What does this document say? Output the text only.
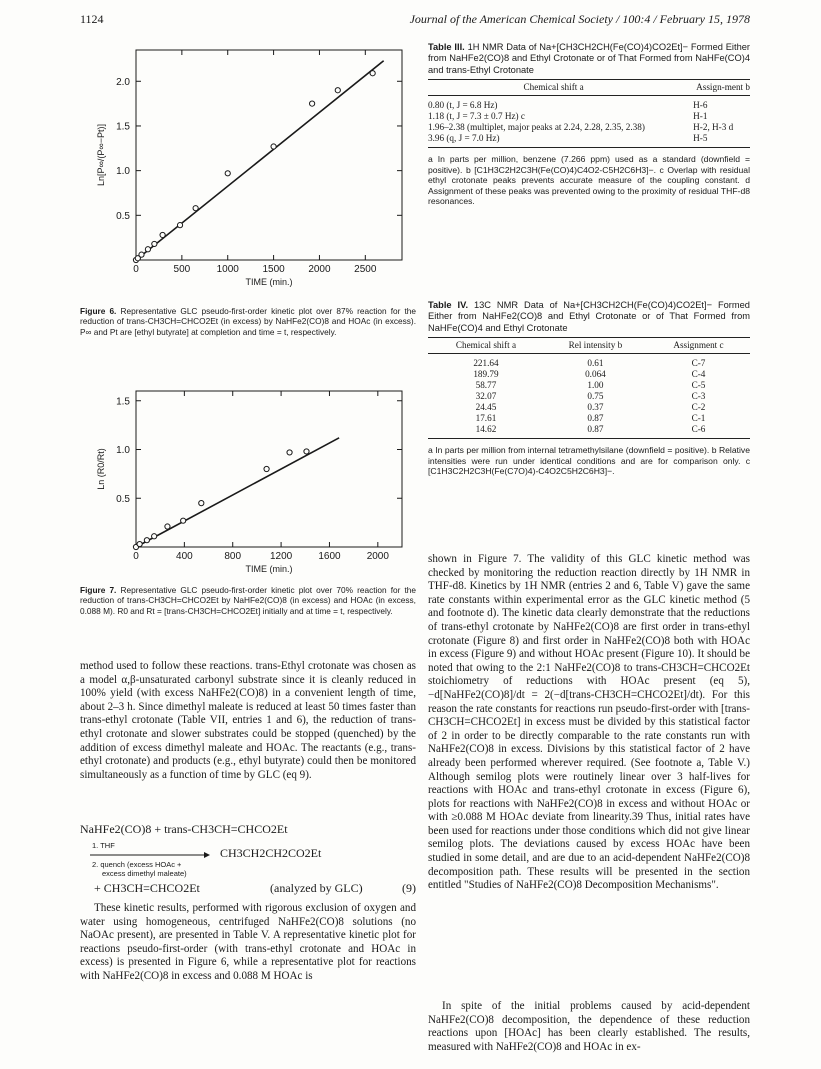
1124	Journal of the American Chemical Society / 100:4 / February 15, 1978
0	500	1000 1500 2000 2500
0.5
1.0
1.5
2.0
TIME (min.)
Ln[P∞/(P∞−Pt)]
Figure 6. Representative GLC pseudo-first-order kinetic plot over 87% reaction for the reduction of trans-CH3CH=CHCO2Et (in excess) by NaHFe2(CO)8 and HOAc (in excess). P∞ and Pt are [ethyl butyrate] at completion and time = t, respectively.
0	400	800	1200	1600	2000
0.5
1.0
1.5
TIME (min.)
Ln (R0/Rt)
Figure 7. Representative GLC pseudo-first-order kinetic plot over 70% reaction for the reduction of trans-CH3CH=CHCO2Et by NaHFe2(CO)8 (in excess) and HOAc (in excess, 0.088 M). R0 and Rt = [trans-CH3CH=CHCO2Et] initially and at time = t, respectively.

method used to follow these reactions. trans-Ethyl crotonate was chosen as a model α,β-unsaturated carbonyl substrate since it is cleanly reduced in 100% yield (with excess NaHFe2(CO)8) in a convenient length of time, about 2–3 h. Since dimethyl maleate is reduced at least 50 times faster than trans-ethyl crotonate (Table VII, entries 1 and 6), the reduction of trans-ethyl crotonate and slower substrates could be stopped (quenched) by the addition of excess dimethyl maleate and HOAc. The reactants (e.g., trans-ethyl crotonate) and products (e.g., ethyl butyrate) could then be monitored simultaneously as a function of time by GLC (eq 9).

NaHFe2(CO)8 + trans-CH3CH=CHCO2Et
1. THF
2. quench (excess HOAc +
excess dimethyl maleate)
CH3CH2CH2CO2Et
+ CH3CH=CHCO2Et	(analyzed by GLC)	(9)

These kinetic results, performed with rigorous exclusion of oxygen and water using homogeneous, centrifuged NaHFe2(CO)8 solutions (no NaOAc present), are presented in Table V. A representative kinetic plot for reactions pseudo-first-order (with trans-ethyl crotonate and HOAc in excess) is presented in Figure 6, while a representative plot for reactions with NaHFe2(CO)8 in excess and 0.088 M HOAc is

Table III. 1H NMR Data of Na+[CH3CH2CH(Fe(CO)4)CO2Et]− Formed Either from NaHFe2(CO)8 and Ethyl Crotonate or of That Formed from NaHFe(CO)4 and trans-Ethyl Crotonate

Chemical shift a	Assign-ment b
0.80 (t, J = 6.8 Hz)	H-6
1.18 (t, J = 7.3 ± 0.7 Hz) c	H-1
1.96–2.38 (multiplet, major peaks at 2.24, 2.28, 2.35, 2.38)	H-2, H-3 d
3.96 (q, J = 7.0 Hz)	H-5
a In parts per million, benzene (7.266 ppm) used as a standard (downfield = positive). b [C1H3C2H2C3H(Fe(CO)4)C4O2-C5H2C6H3]−. c Overlap with residual ethyl crotonate peaks prevents accurate measure of the coupling constant. d Assignment of these peaks was prevented owing to the proximity of residual THF-d8 resonances.
Table IV. 13C NMR Data of Na+[CH3CH2CH(Fe(CO)4)CO2Et]− Formed Either from NaHFe2(CO)8 and Ethyl Crotonate or of That Formed from NaHFe(CO)4 and Ethyl Crotonate

Chemical shift a	Rel intensity b	Assignment c
221.64	0.61	C-7
189.79	0.064	C-4
58.77	1.00	C-5
32.07	0.75	C-3
24.45	0.37	C-2
17.61	0.87	C-1
14.62	0.87	C-6
a In parts per million from internal tetramethylsilane (downfield = positive). b Relative intensities were run under identical conditions and are for comparison only. c [C1H3C2H2C3H(Fe(C7O)4)-C4O2C5H2C6H3]−.

shown in Figure 7. The validity of this GLC kinetic method was checked by monitoring the reduction reaction directly by 1H NMR in THF-d8. Kinetics by 1H NMR (entries 2 and 6, Table V) gave the same rate constants within experimental error as the GLC kinetic method (5 and footnote d). The kinetic data clearly demonstrate that the reductions of trans-ethyl crotonate by NaHFe2(CO)8 are first order in trans-ethyl crotonate (Figure 8) and first order in NaHFe2(CO)8 both with HOAc in excess (Figure 9) and without HOAc present (Figure 10). It should be noted that owing to the 2:1 NaHFe2(CO)8 to trans-CH3CH=CHCO2Et stoichiometry of reductions with HOAc present (eq 5), −d[NaHFe2(CO)8]/dt = 2(−d[trans-CH3CH=CHCO2Et]/dt). For this reason the rate constants for reactions run pseudo-first-order with [trans-CH3CH=CHCO2Et] in excess must be divided by this statistical factor of 2 in order to be directly comparable to the rate constants run with NaHFe2(CO)8 in excess. Divisions by this statistical factor of 2 have already been performed wherever required. (See footnote a, Table V.) Although semilog plots were routinely linear over 3 half-lives for reactions with HOAc and trans-ethyl crotonate in excess (Figure 6), plots for reactions with NaHFe2(CO)8 in excess and without HOAc or with ≥0.088 M HOAc deviate from linearity.39 Thus, initial rates have been used for reactions under those conditions which did not give linear semilog plots. The deviations caused by excess HOAc have been studied in some detail, and are due to an acid-dependent NaHFe2(CO)8 decomposition path. These results will be presented in the section entitled "Studies of NaHFe2(CO)8 Decomposition Mechanisms".

In spite of the initial problems caused by acid-dependent NaHFe2(CO)8 decomposition, the dependence of these reduction reactions upon [HOAc] has been clearly established. The results, measured with NaHFe2(CO)8 and HOAc in ex-
